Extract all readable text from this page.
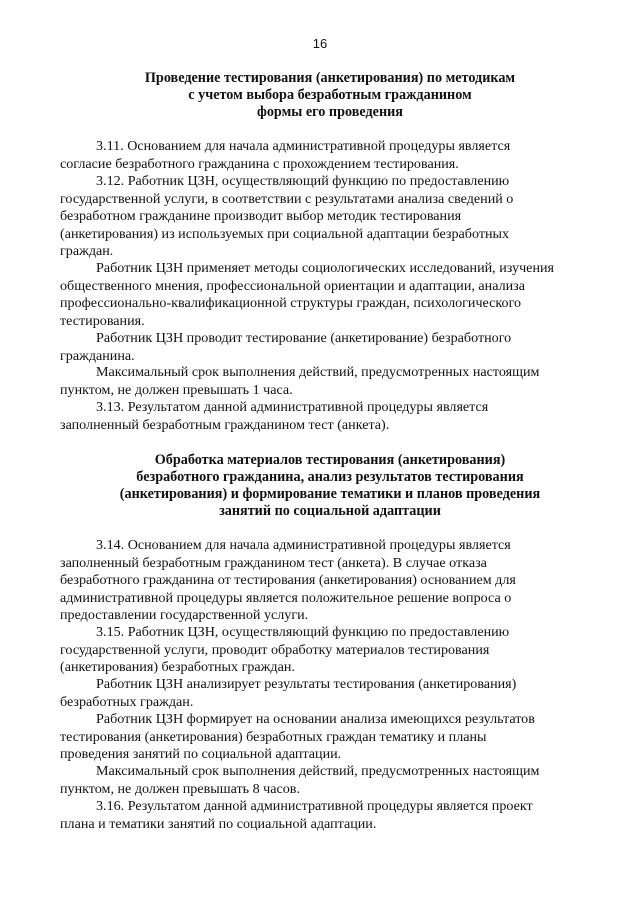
16
Проведение тестирования (анкетирования) по методикам
с учетом выбора безработным гражданином
формы его проведения

3.11. Основанием для начала административной процедуры является
согласие безработного гражданина с прохождением тестирования.

3.12. Работник ЦЗН, осуществляющий функцию по предоставлению
государственной услуги, в соответствии с результатами анализа сведений о
безработном гражданине производит выбор методик тестирования
(анкетирования) из используемых при социальной адаптации безработных
граждан.

Работник ЦЗН применяет методы социологических исследований, изучения
общественного мнения, профессиональной ориентации и адаптации, анализа
профессионально-квалификационной структуры граждан, психологического
тестирования.

Работник ЦЗН проводит тестирование (анкетирование) безработного
гражданина.

Максимальный срок выполнения действий, предусмотренных настоящим
пунктом, не должен превышать 1 часа.

3.13. Результатом данной административной процедуры является
заполненный безработным гражданином тест (анкета).

Обработка материалов тестирования (анкетирования)
безработного гражданина, анализ результатов тестирования
(анкетирования) и формирование тематики и планов проведения
занятий по социальной адаптации

3.14. Основанием для начала административной процедуры является
заполненный безработным гражданином тест (анкета). В случае отказа
безработного гражданина от тестирования (анкетирования) основанием для
административной процедуры является положительное решение вопроса о
предоставлении государственной услуги.

3.15. Работник ЦЗН, осуществляющий функцию по предоставлению
государственной услуги, проводит обработку материалов тестирования
(анкетирования) безработных граждан.

Работник ЦЗН анализирует результаты тестирования (анкетирования)
безработных граждан.

Работник ЦЗН формирует на основании анализа имеющихся результатов
тестирования (анкетирования) безработных граждан тематику и планы
проведения занятий по социальной адаптации.

Максимальный срок выполнения действий, предусмотренных настоящим
пунктом, не должен превышать 8 часов.

3.16. Результатом данной административной процедуры является проект
плана и тематики занятий по социальной адаптации.
